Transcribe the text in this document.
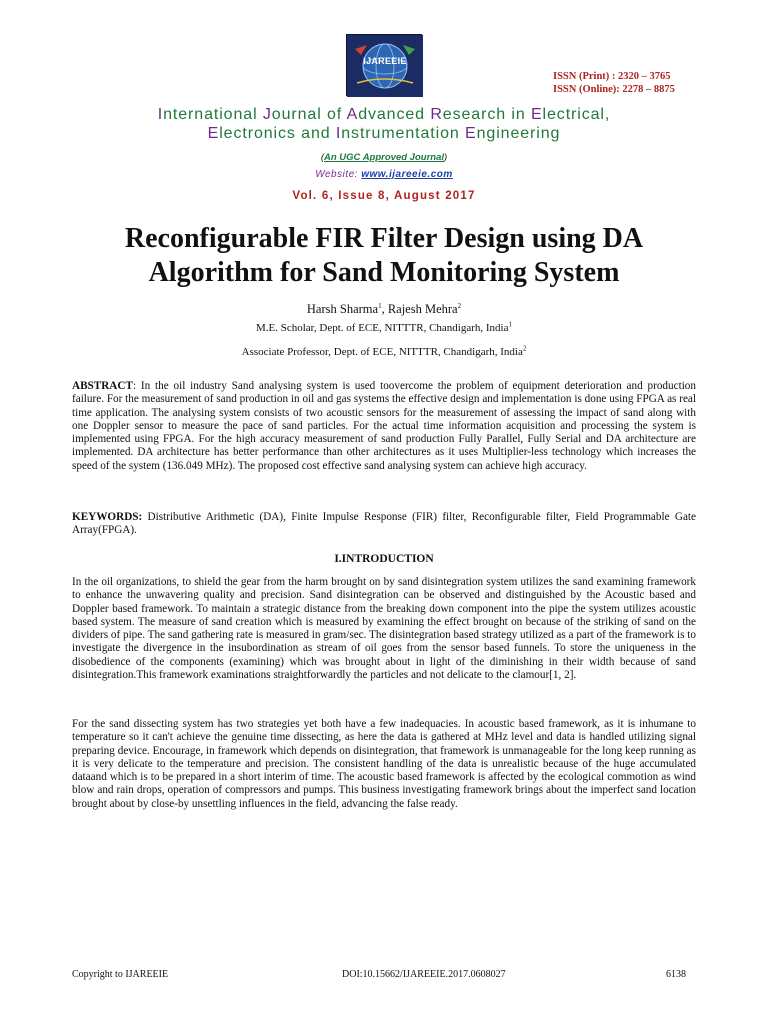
IJAREEIE
ISSN (Print) : 2320 – 3765
ISSN (Online): 2278 – 8875
International Journal of Advanced Research in Electrical,
Electronics and Instrumentation Engineering
(An UGC Approved Journal)
Website: www.ijareeie.com
Vol. 6, Issue 8, August 2017
Reconfigurable FIR Filter Design using DA
Algorithm for Sand Monitoring System
Harsh Sharma$^1$, Rajesh Mehra$^2$
M.E. Scholar, Dept. of ECE, NITTTR, Chandigarh, India$^1$
Associate Professor, Dept. of ECE, NITTTR, Chandigarh, India$^2$
ABSTRACT: In the oil industry Sand analysing system is used toovercome the problem of equipment deterioration and production failure. For the measurement of sand production in oil and gas systems the effective design and implementation is done using FPGA as real time application. The analysing system consists of two acoustic sensors for the measurement of assessing the impact of sand along with one Doppler sensor to measure the pace of sand particles. For the actual time information acquisition and processing the system is implemented using FPGA. For the high accuracy measurement of sand production Fully Parallel, Fully Serial and DA architecture are implemented. DA architecture has better performance than other architectures as it uses Multiplier-less technology which increases the speed of the system (136.049 MHz). The proposed cost effective sand analysing system can achieve high accuracy.
KEYWORDS: Distributive Arithmetic (DA), Finite Impulse Response (FIR) filter, Reconfigurable filter, Field Programmable Gate Array(FPGA).
I.INTRODUCTION
In the oil organizations, to shield the gear from the harm brought on by sand disintegration system utilizes the sand examining framework to enhance the unwavering quality and precision. Sand disintegration can be observed and distinguished by the Acoustic based and Doppler based framework. To maintain a strategic distance from the breaking down component into the pipe the system utilizes acoustic based system. The measure of sand creation which is measured by examining the effect brought on because of the striking of sand on the dividers of pipe. The sand gathering rate is measured in gram/sec. The disintegration based strategy utilized as a part of the framework is to investigate the divergence in the insubordination as stream of oil goes from the sensor based funnels. To store the uniqueness in the disobedience of the components (examining) which was brought about in light of the diminishing in their width because of sand disintegration.This framework examinations straightforwardly the particles and not delicate to the clamour[1, 2].
For the sand dissecting system has two strategies yet both have a few inadequacies. In acoustic based framework, as it is inhumane to temperature so it can't achieve the genuine time dissecting, as here the data is gathered at MHz level and data is handled utilizing signal preparing device. Encourage, in framework which depends on disintegration, that framework is unmanageable for the long keep running as it is very delicate to the temperature and precision. The consistent handling of the data is unrealistic because of the huge accumulated dataand which is to be prepared in a short interim of time. The acoustic based framework is affected by the ecological commotion as wind blow and rain drops, operation of compressors and pumps. This business investigating framework brings about the imperfect sand location brought about by close-by unsettling influences in the field, advancing the false ready.
Copyright to IJAREEIE	DOI:10.15662/IJAREEIE.2017.0608027	6138
